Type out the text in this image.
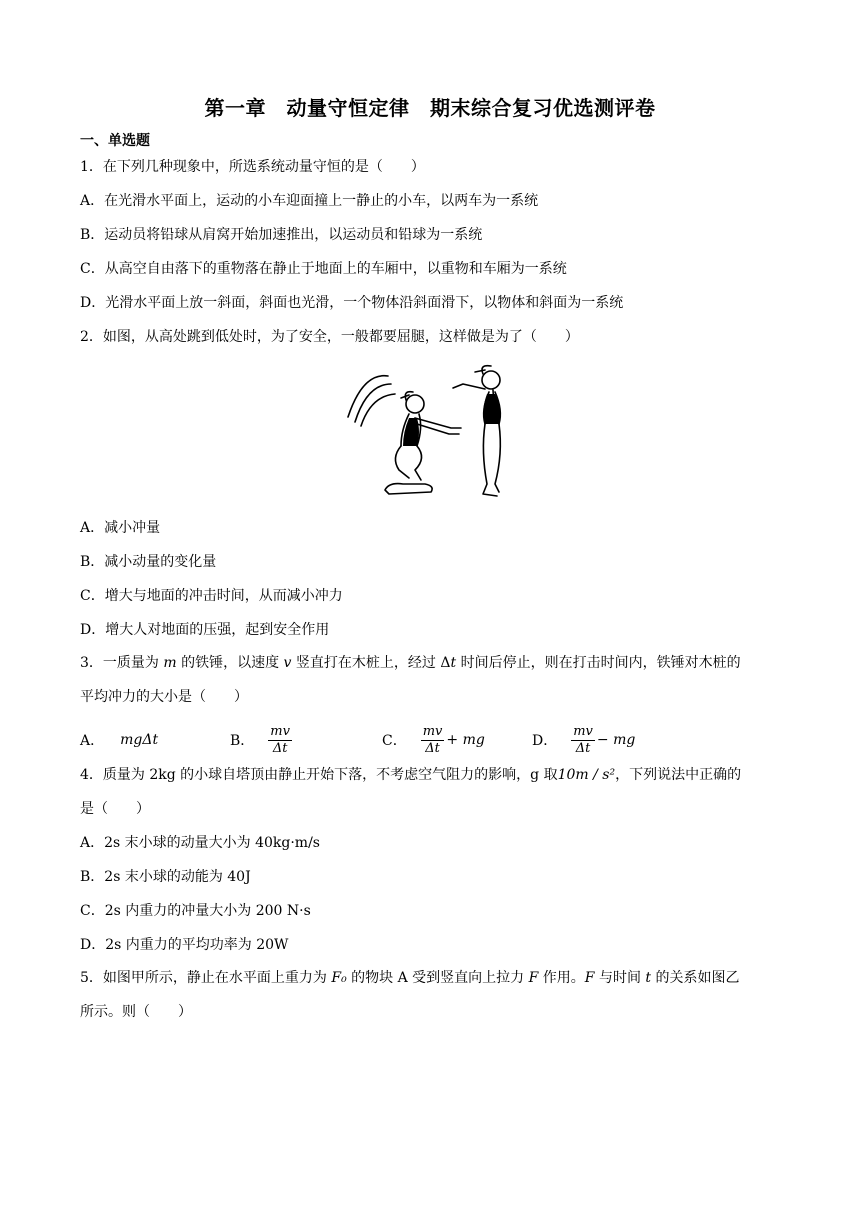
第一章　动量守恒定律　期末综合复习优选测评卷
一、单选题
1．在下列几种现象中，所选系统动量守恒的是（　　）
A．在光滑水平面上，运动的小车迎面撞上一静止的小车，以两车为一系统
B．运动员将铅球从肩窝开始加速推出，以运动员和铅球为一系统
C．从高空自由落下的重物落在静止于地面上的车厢中，以重物和车厢为一系统
D．光滑水平面上放一斜面，斜面也光滑，一个物体沿斜面滑下，以物体和斜面为一系统
2．如图，从高处跳到低处时，为了安全，一般都要屈腿，这样做是为了（　　）
A．减小冲量
B．减小动量的变化量
C．增大与地面的冲击时间，从而减小冲力
D．增大人对地面的压强，起到安全作用
3．一质量为 m 的铁锤，以速度 v 竖直打在木桩上，经过 Δt 时间后停止，则在打击时间内，铁锤对木桩的
平均冲力的大小是（　　）
A． mgΔt	B． $\frac{mv}{\Delta t}$	C． $\frac{mv}{\Delta t}$ + mg	D． $\frac{mv}{\Delta t}$ − mg
4．质量为 2kg 的小球自塔顶由静止开始下落，不考虑空气阻力的影响，g 取10m / s²，下列说法中正确的
是（　　）
A．2s 末小球的动量大小为 40kg·m/s
B．2s 末小球的动能为 40J
C．2s 内重力的冲量大小为 200 N·s
D．2s 内重力的平均功率为 20W
5．如图甲所示，静止在水平面上重力为 F₀ 的物块 A 受到竖直向上拉力 F 作用。F 与时间 t 的关系如图乙
所示。则（　　）
